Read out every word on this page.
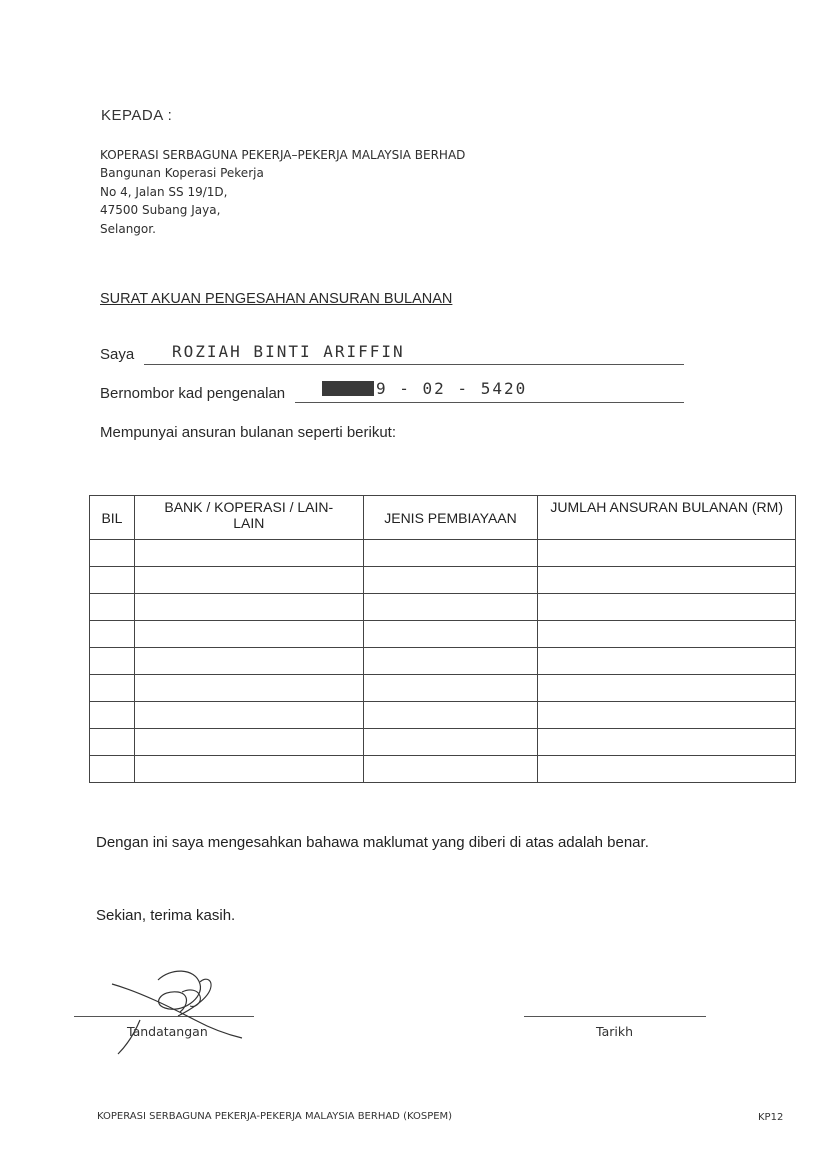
KEPADA :
KOPERASI SERBAGUNA PEKERJA–PEKERJA MALAYSIA BERHAD
Bangunan Koperasi Pekerja
No 4, Jalan SS 19/1D,
47500 Subang Jaya,
Selangor.
SURAT AKUAN PENGESAHAN ANSURAN BULANAN
Saya ROZIAH BINTI ARIFFIN
Bernombor kad pengenalan	9 - 02 - 5420
Mempunyai ansuran bulanan seperti berikut:
BIL	BANK / KOPERASI / LAIN-LAIN	JENIS PEMBIAYAAN	JUMLAH ANSURAN BULANAN (RM)

Dengan ini saya mengesahkan bahawa maklumat yang diberi di atas adalah benar.
Sekian, terima kasih.
Tandatangan	Tarikh
KOPERASI SERBAGUNA PEKERJA-PEKERJA MALAYSIA BERHAD (KOSPEM)	KP12
